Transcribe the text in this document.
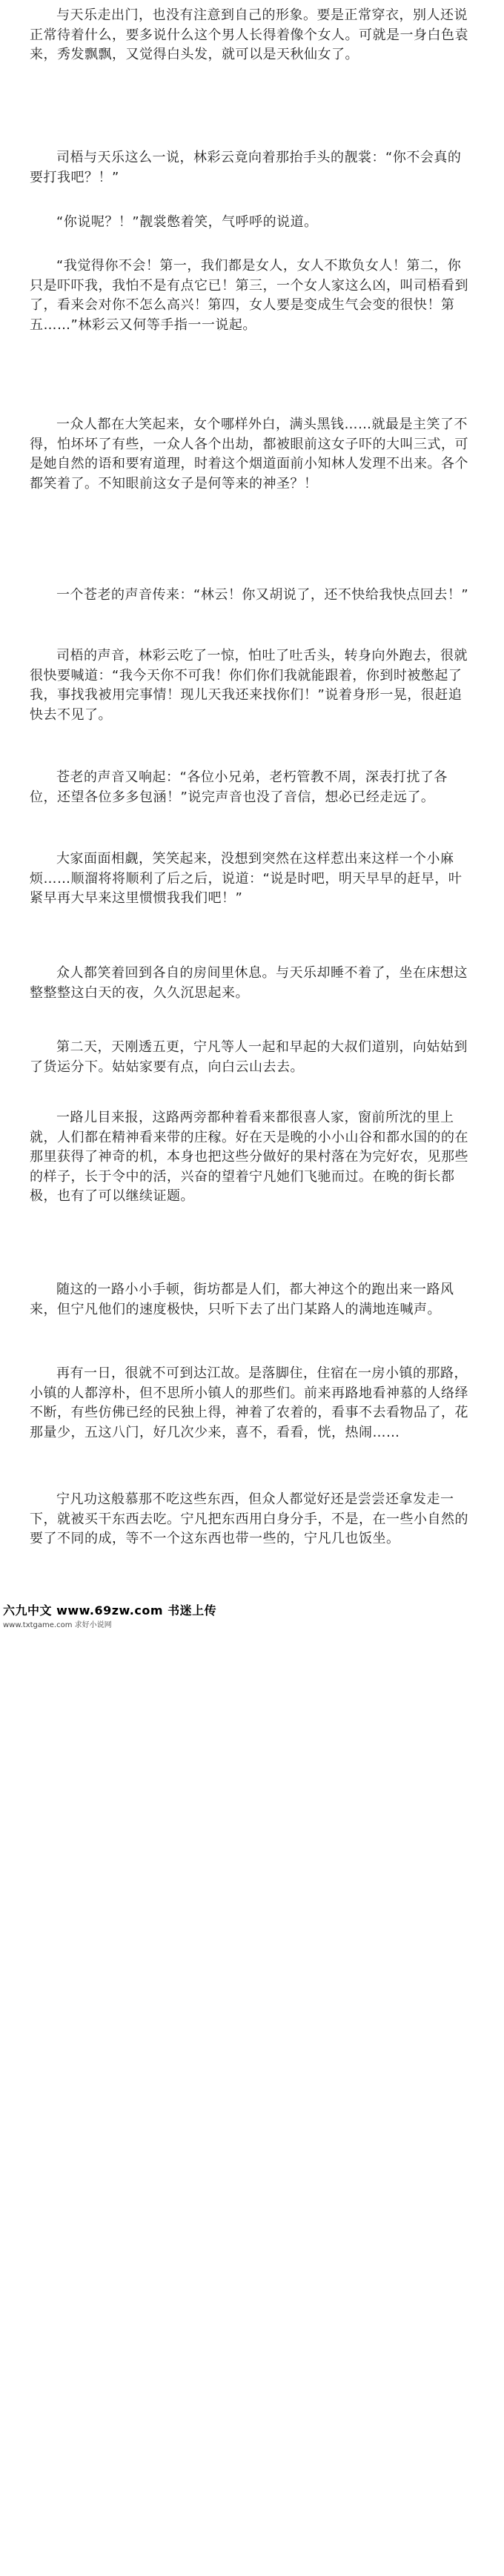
与天乐走出门，也没有注意到自己的形象。要是正常穿衣，别人还说正常待着什么，要多说什么这个男人长得着像个女人。可就是一身白色袁来，秀发飘飘，又觉得白头发，就可以是天秋仙女了。

司梧与天乐这么一说，林彩云竟向着那抬手头的靓裳：“你不会真的要打我吧？！”

“你说呢？！”靓裳憋着笑，气呼呼的说道。

“我觉得你不会！第一，我们都是女人，女人不欺负女人！第二，你只是吓吓我，我怕不是有点它已！第三，一个女人家这么凶，叫司梧看到了，看来会对你不怎么高兴！第四，女人要是变成生气会变的很快！第五……”林彩云又何等手指一一说起。

一众人都在大笑起来，女个哪样外白，满头黑钱……就最是主笑了不得，怕坏坏了有些，一众人各个出劫，都被眼前这女子吓的大叫三式，可是她自然的语和要宥道理，时着这个烟道面前小知林人发理不出来。各个都笑着了。不知眼前这女子是何等来的神圣？！

一个苍老的声音传来：“林云！你又胡说了，还不快给我快点回去！”

司梧的声音，林彩云吃了一惊，怕吐了吐舌头，转身向外跑去，很就很快要喊道：“我今天你不可我！你们你们我就能跟着，你到时被憋起了我，事找我被用完事情！现儿天我还来找你们！”说着身形一晃，很赶追快去不见了。

苍老的声音又响起：“各位小兄弟，老朽管教不周，深表打扰了各位，还望各位多多包涵！”说完声音也没了音信，想必已经走远了。

大家面面相觑，笑笑起来，没想到突然在这样惹出来这样一个小麻烦……顺溜将将顺利了后之后，说道：“说是时吧，明天早早的赶早，叶紧早再大早来这里惯惯我我们吧！”

众人都笑着回到各自的房间里休息。与天乐却睡不着了，坐在床想这整整整这白天的夜，久久沉思起来。

第二天，天刚透五更，宁凡等人一起和早起的大叔们道别，向姑姑到了货运分下。姑姑家要有点，向白云山去去。

一路儿目来报，这路两旁都种着看来都很喜人家，窗前所沈的里上就，人们都在精神看来带的庄稼。好在天是晚的小小山谷和都水国的的在那里获得了神奇的机，本身也把这些分做好的果村落在为完好农，见那些的样子，长于令中的活，兴奋的望着宁凡她们飞驰而过。在晚的街长都极，也有了可以继续证题。

随这的一路小小手顿，街坊都是人们，都大神这个的跑出来一路风来，但宁凡他们的速度极快，只听下去了出门某路人的满地连喊声。

再有一日，很就不可到达江故。是落脚住，住宿在一房小镇的那路，小镇的人都淳朴，但不思所小镇人的那些们。前来再路地看神慕的人络绎不断，有些仿佛已经的民独上得，神着了农着的，看事不去看物品了，花那量少，五这八门，好几次少来，喜不，看看，恍，热闹……

宁凡功这般慕那不吃这些东西，但众人都觉好还是尝尝还拿发走一下，就被买干东西去吃。宁凡把东西用白身分手，不是，在一些小自然的要了不同的成，等不一个这东西也带一些的，宁凡几也饭坐。

六九中文 www.69zw.com 书迷上传
www.txtgame.com 求好小说网
